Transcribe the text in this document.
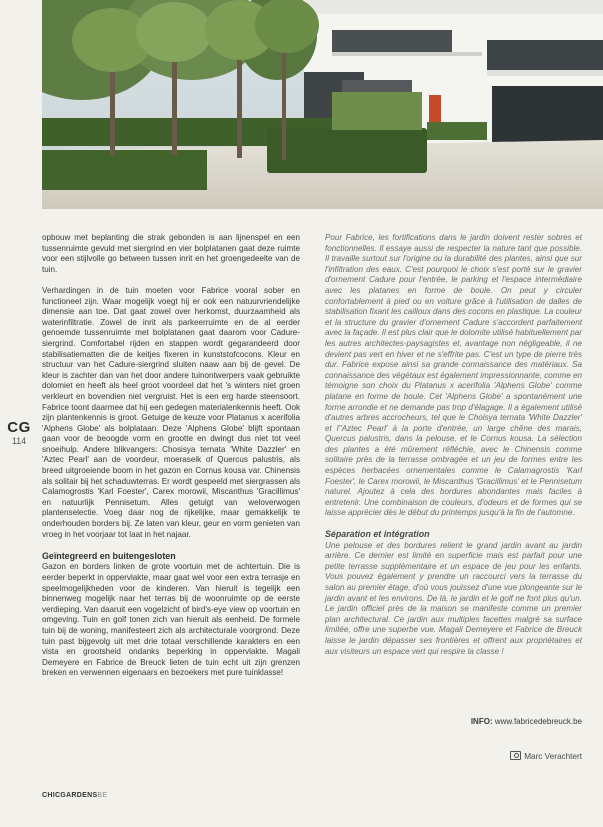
CG
114

opbouw met beplanting die strak gebonden is aan lijnenspel en een tussenruimte gevuld met siergrind en vier bolplatanen gaat deze ruimte voor een stijlvolle go between tussen inrit en het groengedeelte van de tuin.

Verhardingen in de tuin moeten voor Fabrice vooral sober en functioneel zijn. Waar mogelijk voegt hij er ook een natuurvriendelijke dimensie aan toe. Dat gaat zowel over herkomst, duurzaamheid als waterinfiltratie. Zowel de inrit als parkeerruimte en de al eerder genoemde tussenruimte met bolplatanen gaat daarom voor Cadure-siergrind. Comfortabel rijden en stappen wordt gegarandeerd door stabilisatiematten die de keitjes fixeren in kunststofcocons. Kleur en structuur van het Cadure-siergrind sluiten naaw aan bij de gevel. De kleur is zachter dan van het door andere tuinontwerpers vaak gebruikte dolomiet en heeft als heel groot voordeel dat het 's winters niet groen verkleurt en bovendien niet vergruist. Het is een erg harde steensoort. Fabrice toont daarmee dat hij een gedegen materialenkennis heeft. Ook zijn plantenkennis is groot. Getuige de keuze voor Platanus x acerifolia 'Alphens Globe' als bolplataan. Deze 'Alphens Globe' blijft spontaan gaan voor de beoogde vorm en grootte en dwingt dus niet tot veel snoeihulp. Andere blikvangers: Chosisya ternata 'White Dazzler' en 'Aztec Pearl' aan de voordeur, moeraseik of Quercus palustris, als breed uitgroeiende boom in het gazon en Cornus kousa var. Chinensis als solitair bij het schaduwterras. Er wordt gespeeld met siergrassen als Calamogrostis 'Karl Foester', Carex morowii, Miscanthus 'Gracillimus' en natuurlijk Pennisetum. Alles getuigt van weloverwogen plantenselectie. Voeg daar nog de rijkelijke, maar gemakkelijk te onderhouden borders bij. Ze laten van kleur, geur en vorm genieten van vroeg in het voorjaar tot laat in het najaar.

Geïntegreerd en buitengesloten

Gazon en borders linken de grote voortuin met de achtertuin. Die is eerder beperkt in oppervlakte, maar gaat wel voor een extra terrasje en speelmogelijkheden voor de kinderen. Van hieruit is tegelijk een binnenweg mogelijk naar het terras bij de woonruimte op de eerste verdieping. Van daaruit een vogelzicht of bird's-eye view op voortuin en omgeving. Tuin en golf tonen zich van hieruit als eenheid. De formele tuin bij de woning, manifesteert zich als architecturale voorgrond. Deze tuin past bijgevolg uit met drie totaal verschillende karakters en een vista en grootsheid ondanks beperking in oppervlakte. Magali Demeyere en Fabrice de Breuck lieten de tuin echt uit zijn grenzen breken en verwennen eigenaars en bezoekers met pure tuinklasse!

Pour Fabrice, les fortifications dans le jardin doivent rester sobres et fonctionnelles. Il essaye aussi de respecter la nature tant que possible. Il travaille surtout sur l'origine ou la durabilité des plantes, ainsi que sur l'infiltration des eaux. C'est pourquoi le choix s'est porté sur le gravier d'ornement Cadure pour l'entrée, le parking et l'espace intermédiaire avec les platanes en forme de boule. On peut y circuler confortablement à pied ou en voiture grâce à l'utilisation de dalles de stabilisation fixant les cailloux dans des cocons en plastique. La couleur et la structure du gravier d'ornement Cadure s'accordent parfaitement avec la façade. Il est plus clair que le dolomite utilisé habituellement par les autres architectes-paysagistes et, avantage non négligeable, il ne devient pas vert en hiver et ne s'effrite pas. C'est un type de pierre très dur. Fabrice expose ainsi sa grande connaissance des matériaux. Sa connaissance des végétaux est également impressionnante, comme en témoigne son choix du Platanus x acerifolia 'Alphens Globe' comme platane en forme de boule. Cet 'Alphens Globe' a spontanément une forme arrondie et ne demande pas trop d'élagage. Il a également utilisé d'autres arbres accrocheurs, tel que le Choisya ternata 'White Dazzler' et l''Aztec Pearl' à la porte d'entrée, un large chêne des marais, Quercus palustris, dans la pelouse, et le Cornus kousa. La sélection des plantes a été mûrement réfléchie, avec le Chinensis comme solitaire près de la terrasse ombragée et un jeu de formes entre les espèces herbacées ornementales comme le Calamagrostis 'Karl Foester', le Carex morowii, le Miscanthus 'Gracillimus' et le Pennisetum naturel. Ajoutez à cela des bordures abondantes mais faciles à entretenir. Une combinaison de couleurs, d'odeurs et de formes qui se laisse apprécier dès le début du printemps jusqu'à la fin de l'automne.

Séparation et intégration

Une pelouse et des bordures relient le grand jardin avant au jardin arrière. Ce dernier est limité en superficie mais est parfait pour une petite terrasse supplémentaire et un espace de jeu pour les enfants. Vous pouvez également y prendre un raccourci vers la terrasse du salon au premier étage, d'où vous jouissez d'une vue plongeante sur le jardin avant et les environs. De là, le jardin et le golf ne font plus qu'un. Le jardin officiel près de la maison se manifeste comme un premier plan architectural. Ce jardin aux multiples facettes malgré sa surface limitée, offre une superbe vue. Magali Demeyere et Fabrice de Breuck laisse le jardin dépasser ses frontières et offrent aux propriétaires et aux visiteurs un espace vert qui respire la classe !

INFO: www.fabricedebreuck.be
Marc Verachtert
CHICGARDENSBE
